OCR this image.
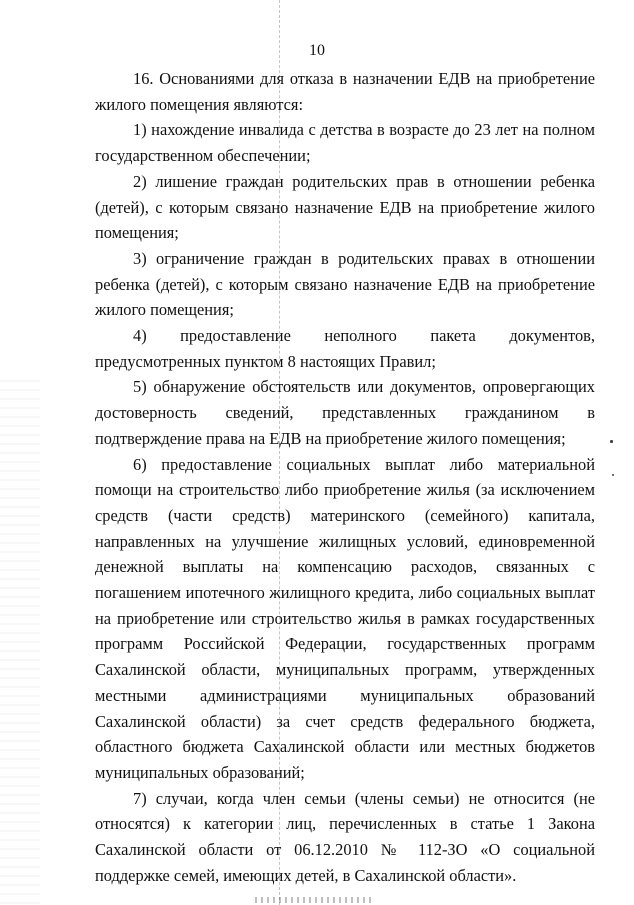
10

16. Основаниями для отказа в назначении ЕДВ на приобретение жилого помещения являются:

1) нахождение инвалида с детства в возрасте до 23 лет на полном государственном обеспечении;

2) лишение граждан родительских прав в отношении ребенка (детей), с которым связано назначение ЕДВ на приобретение жилого помещения;

3) ограничение граждан в родительских правах в отношении ребенка (детей), с которым связано назначение ЕДВ на приобретение жилого помещения;

4) предоставление неполного пакета документов, предусмотренных пунктом 8 настоящих Правил;

5) обнаружение обстоятельств или документов, опровергающих достоверность сведений, представленных гражданином в подтверждение права на ЕДВ на приобретение жилого помещения;

6) предоставление социальных выплат либо материальной помощи на строительство либо приобретение жилья (за исключением средств (части средств) материнского (семейного) капитала, направленных на улучшение жилищных условий, единовременной денежной выплаты на компенсацию расходов, связанных с погашением ипотечного жилищного кредита, либо социальных выплат на приобретение или строительство жилья в рамках государственных программ Российской Федерации, государственных программ Сахалинской области, муниципальных программ, утвержденных местными администрациями муниципальных образований Сахалинской области) за счет средств федерального бюджета, областного бюджета Сахалинской области или местных бюджетов муниципальных образований;

7) случаи, когда член семьи (члены семьи) не относится (не относятся) к категории лиц, перечисленных в статье 1 Закона Сахалинской области от 06.12.2010 № 112-ЗО «О социальной поддержке семей, имеющих детей, в Сахалинской области».
